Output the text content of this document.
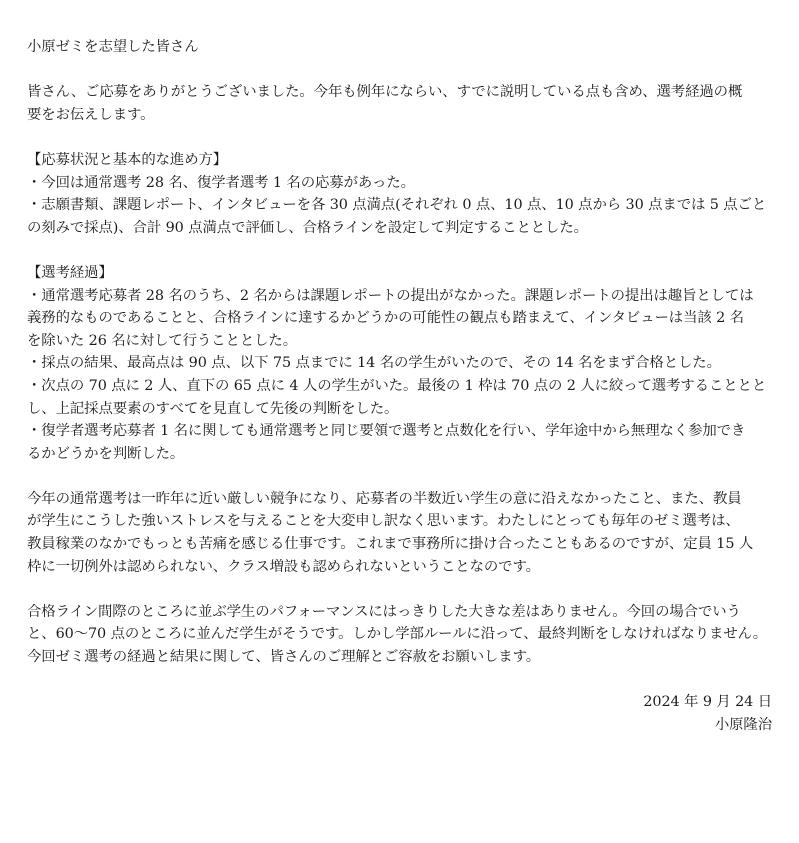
小原ゼミを志望した皆さん
皆さん、ご応募をありがとうございました。今年も例年にならい、すでに説明している点も含め、選考経過の概
要をお伝えします。
【応募状況と基本的な進め方】
・今回は通常選考 28 名、復学者選考 1 名の応募があった。
・志願書類、課題レポート、インタビューを各 30 点満点(それぞれ 0 点、10 点、10 点から 30 点までは 5 点ごと
の刻みで採点)、合計 90 点満点で評価し、合格ラインを設定して判定することとした。
【選考経過】
・通常選考応募者 28 名のうち、2 名からは課題レポートの提出がなかった。課題レポートの提出は趣旨としては
義務的なものであることと、合格ラインに達するかどうかの可能性の観点も踏まえて、インタビューは当該 2 名
を除いた 26 名に対して行うこととした。
・採点の結果、最高点は 90 点、以下 75 点までに 14 名の学生がいたので、その 14 名をまず合格とした。
・次点の 70 点に 2 人、直下の 65 点に 4 人の学生がいた。最後の 1 枠は 70 点の 2 人に絞って選考することとと
し、上記採点要素のすべてを見直して先後の判断をした。
・復学者選考応募者 1 名に関しても通常選考と同じ要領で選考と点数化を行い、学年途中から無理なく参加でき
るかどうかを判断した。
今年の通常選考は一昨年に近い厳しい競争になり、応募者の半数近い学生の意に沿えなかったこと、また、教員
が学生にこうした強いストレスを与えることを大変申し訳なく思います。わたしにとっても毎年のゼミ選考は、
教員稼業のなかでもっとも苦痛を感じる仕事です。これまで事務所に掛け合ったこともあるのですが、定員 15 人
枠に一切例外は認められない、クラス増設も認められないということなのです。
合格ライン間際のところに並ぶ学生のパフォーマンスにはっきりした大きな差はありません。今回の場合でいう
と、60～70 点のところに並んだ学生がそうです。しかし学部ルールに沿って、最終判断をしなければなりません。
今回ゼミ選考の経過と結果に関して、皆さんのご理解とご容赦をお願いします。
2024 年 9 月 24 日
小原隆治
